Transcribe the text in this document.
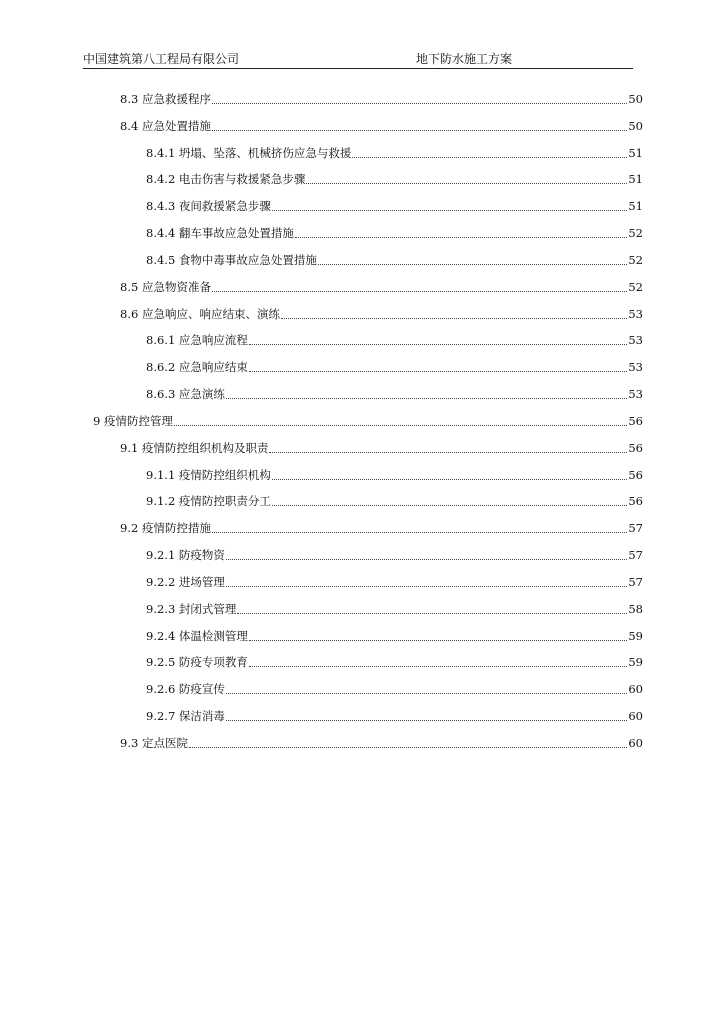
中国建筑第八工程局有限公司	地下防水施工方案
8.3 应急救援程序	50
8.4 应急处置措施	50
8.4.1 坍塌、坠落、机械挤伤应急与救援	51
8.4.2 电击伤害与救援紧急步骤	51
8.4.3 夜间救援紧急步骤	51
8.4.4 翻车事故应急处置措施	52
8.4.5 食物中毒事故应急处置措施	52
8.5 应急物资准备	52
8.6 应急响应、响应结束、演练	53
8.6.1 应急响应流程	53
8.6.2 应急响应结束	53
8.6.3 应急演练	53
9 疫情防控管理	56
9.1 疫情防控组织机构及职责	56
9.1.1 疫情防控组织机构	56
9.1.2 疫情防控职责分工	56
9.2 疫情防控措施	57
9.2.1 防疫物资	57
9.2.2 进场管理	57
9.2.3 封闭式管理	58
9.2.4 体温检测管理	59
9.2.5 防疫专项教育	59
9.2.6 防疫宣传	60
9.2.7 保洁消毒	60
9.3 定点医院	60
